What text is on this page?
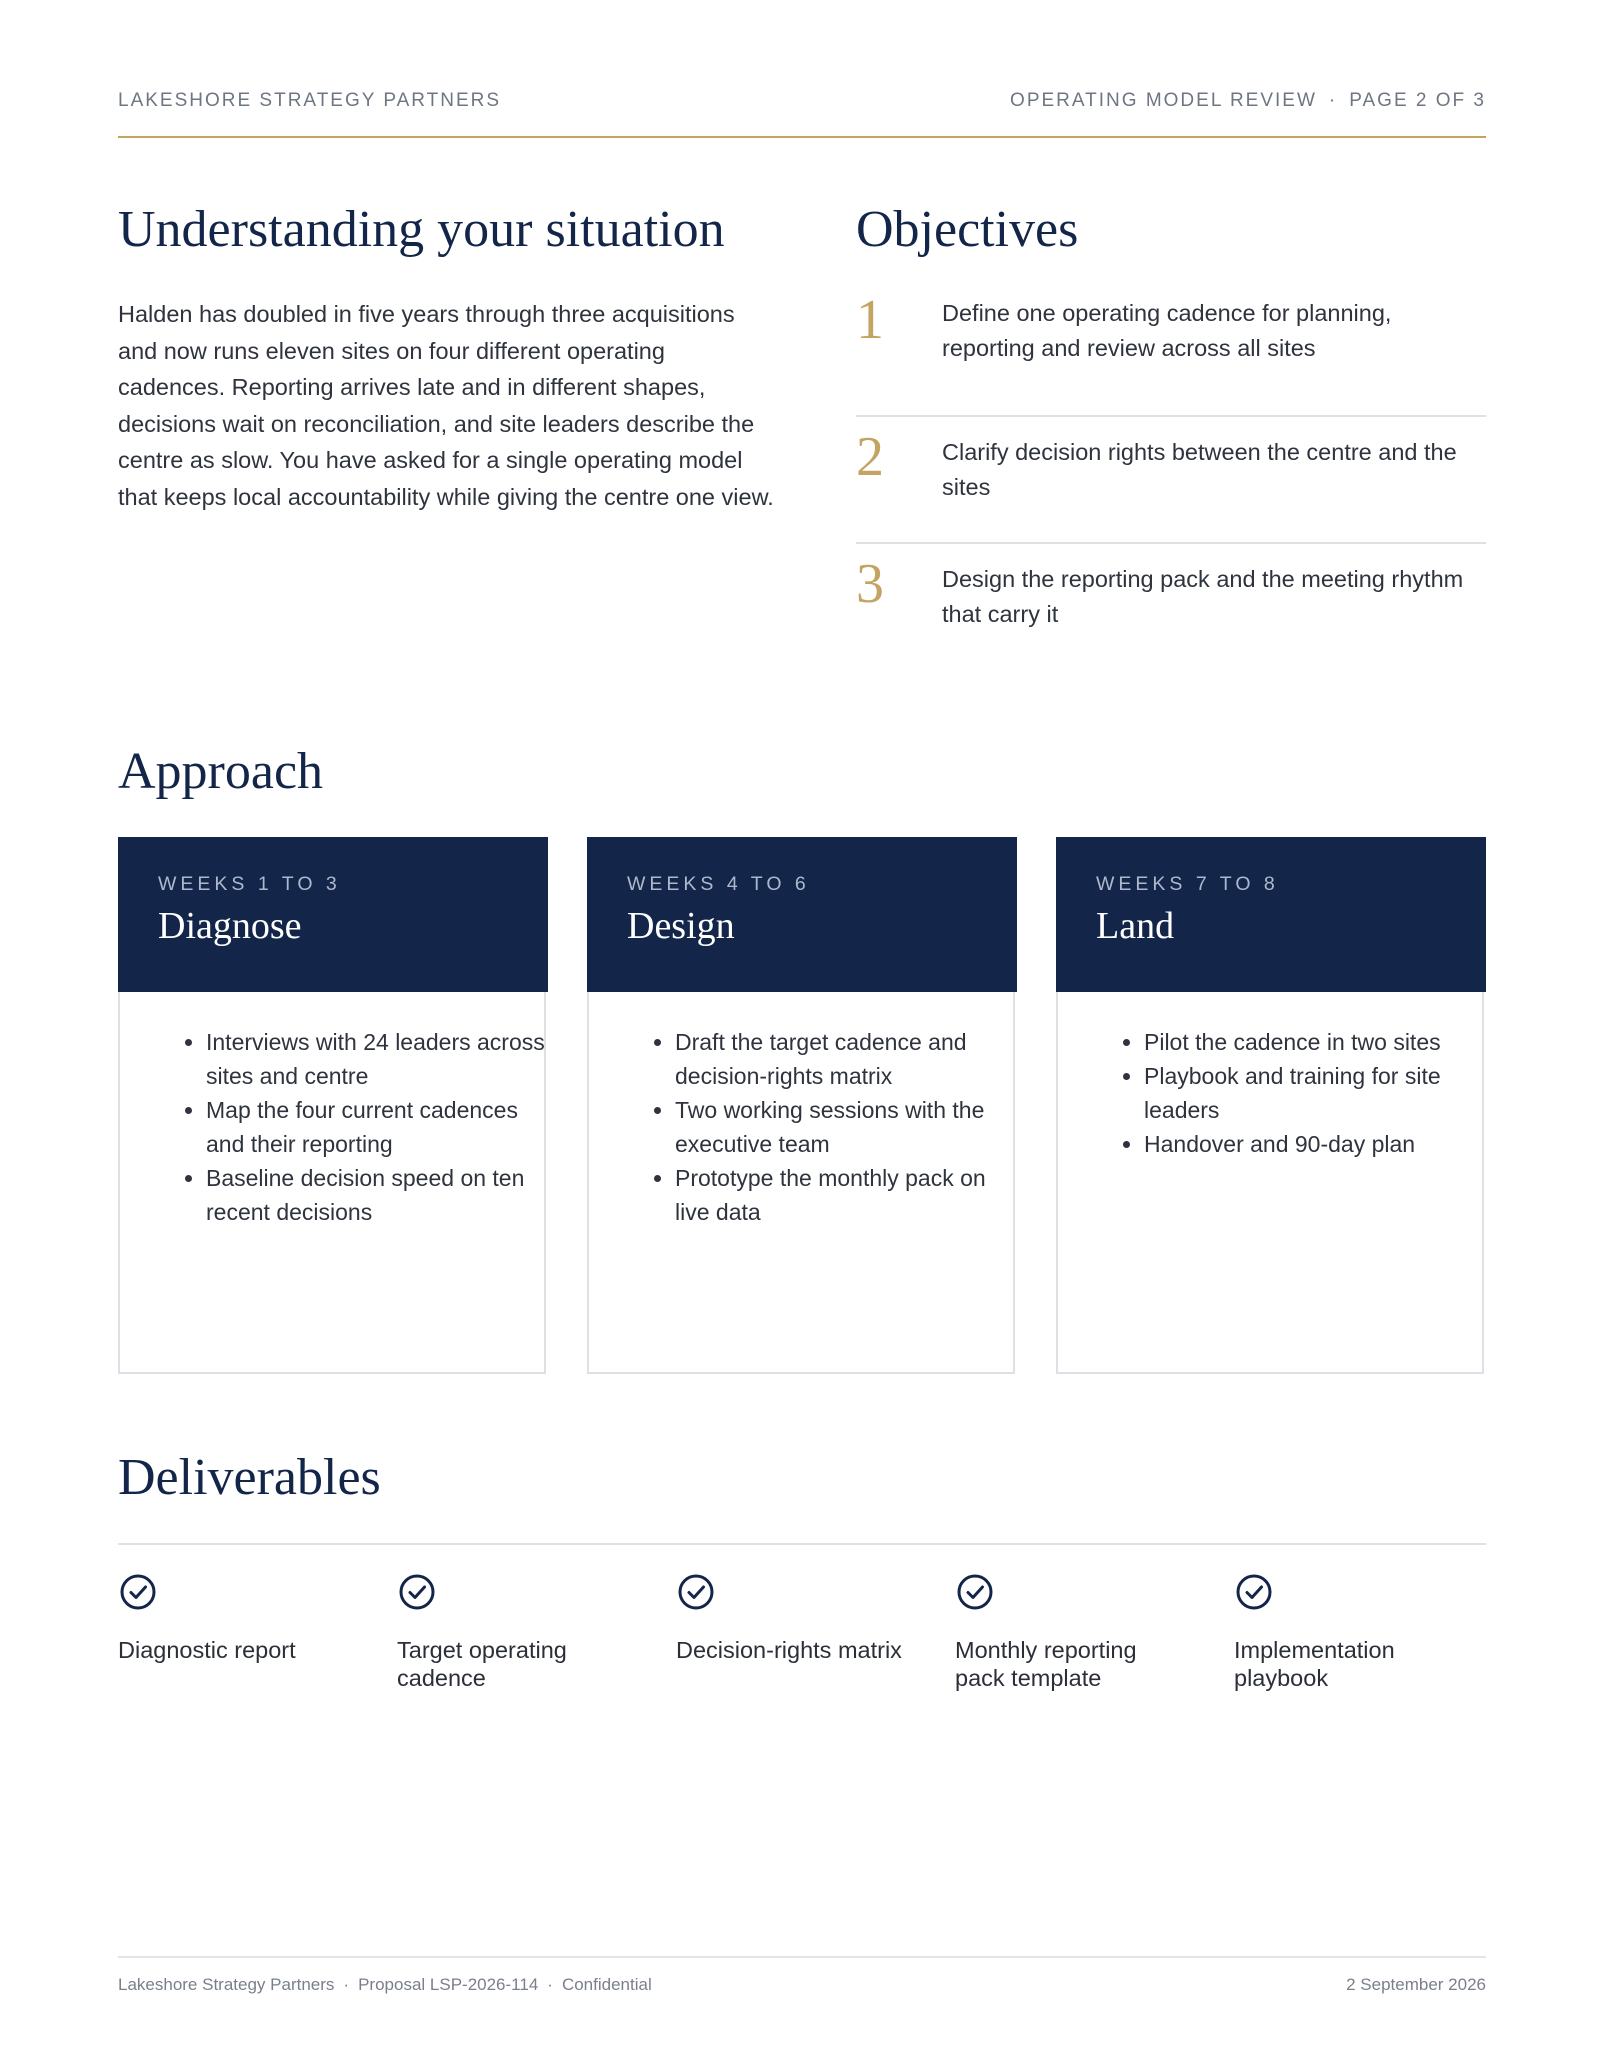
LAKESHORE STRATEGY PARTNERS	OPERATING MODEL REVIEW · PAGE 2 OF 3
Understanding your situation

Halden has doubled in five years through three acquisitions and now runs eleven sites on four different operating cadences. Reporting arrives late and in different shapes, decisions wait on reconciliation, and site leaders describe the centre as slow. You have asked for a single operating model that keeps local accountability while giving the centre one view.

Objectives
1 Define one operating cadence for planning, reporting and review across all sites
2 Clarify decision rights between the centre and the sites
3 Design the reporting pack and the meeting rhythm that carry it
Approach
WEEKS 1 TO 3
Diagnose
• Interviews with 24 leaders across sites and centre
• Map the four current cadences and their reporting
• Baseline decision speed on ten recent decisions
WEEKS 4 TO 6
Design
• Draft the target cadence and decision-rights matrix
• Two working sessions with the executive team
• Prototype the monthly pack on live data
WEEKS 7 TO 8
Land
• Pilot the cadence in two sites
• Playbook and training for site leaders
• Handover and 90-day plan
Deliverables
Diagnostic report	Target operating cadence
Decision-rights matrix	Monthly reporting pack template
Implementation playbook
Lakeshore Strategy Partners · Proposal LSP-2026-114 · Confidential	2 September 2026
